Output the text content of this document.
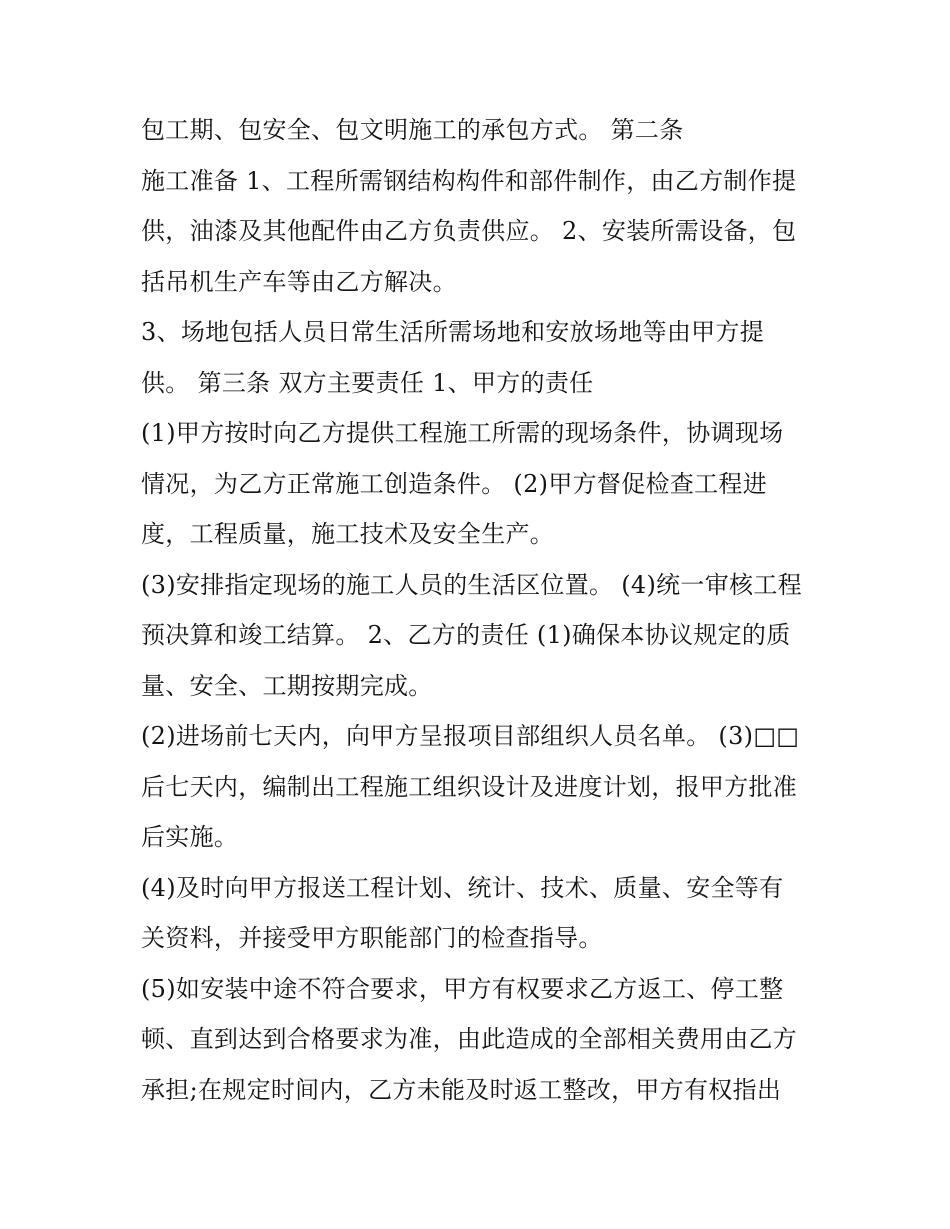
包工期、包安全、包文明施工的承包方式。 第二条
施工准备 1、工程所需钢结构构件和部件制作，由乙方制作提
供，油漆及其他配件由乙方负责供应。 2、安装所需设备，包
括吊机生产车等由乙方解决。
3、场地包括人员日常生活所需场地和安放场地等由甲方提
供。 第三条 双方主要责任 1、甲方的责任
(1)甲方按时向乙方提供工程施工所需的现场条件，协调现场
情况，为乙方正常施工创造条件。 (2)甲方督促检查工程进
度，工程质量，施工技术及安全生产。
(3)安排指定现场的施工人员的生活区位置。 (4)统一审核工程
预决算和竣工结算。 2、乙方的责任 (1)确保本协议规定的质
量、安全、工期按期完成。
(2)进场前七天内，向甲方呈报项目部组织人员名单。 (3)□□
后七天内，编制出工程施工组织设计及进度计划，报甲方批准
后实施。
(4)及时向甲方报送工程计划、统计、技术、质量、安全等有
关资料，并接受甲方职能部门的检查指导。
(5)如安装中途不符合要求，甲方有权要求乙方返工、停工整
顿、直到达到合格要求为准，由此造成的全部相关费用由乙方
承担;在规定时间内，乙方未能及时返工整改，甲方有权指出
